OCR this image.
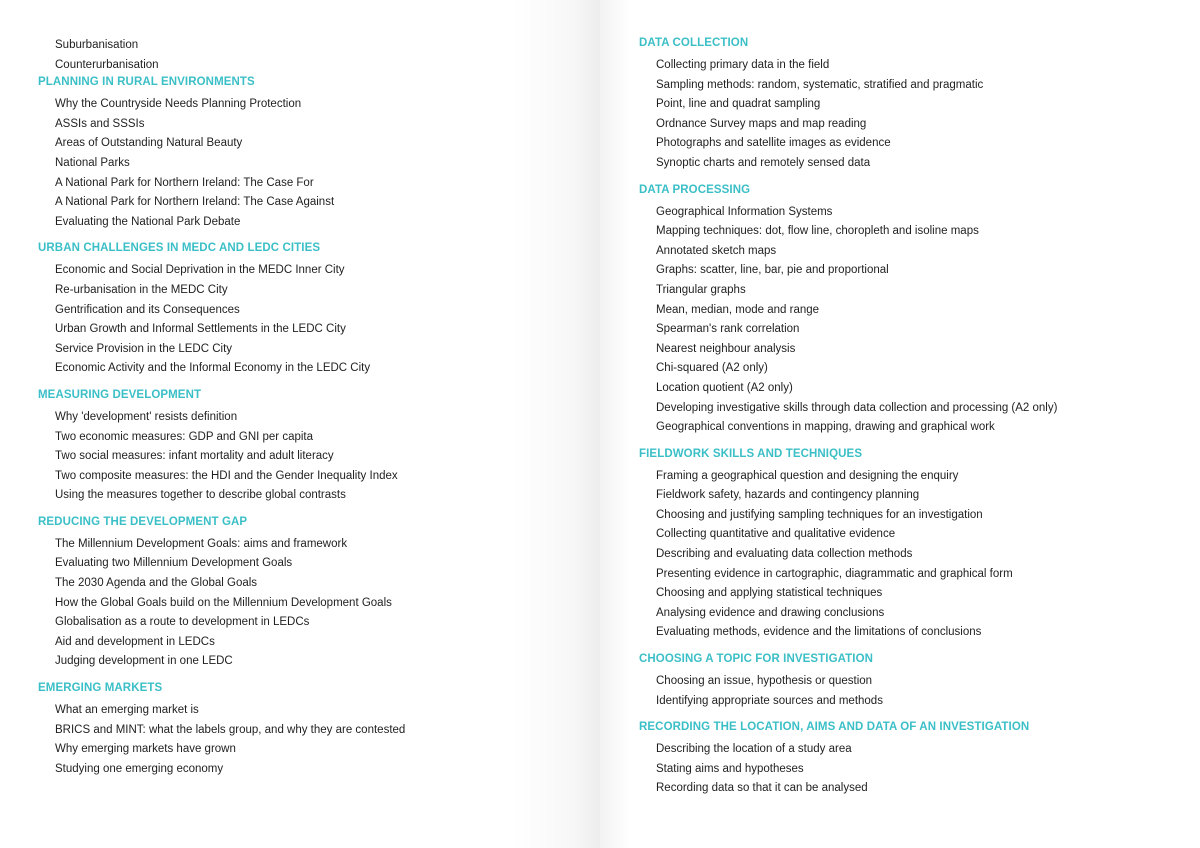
Suburbanisation
Counterurbanisation
PLANNING IN RURAL ENVIRONMENTS
Why the Countryside Needs Planning Protection
ASSIs and SSSIs
Areas of Outstanding Natural Beauty
National Parks
A National Park for Northern Ireland: The Case For
A National Park for Northern Ireland: The Case Against
Evaluating the National Park Debate
URBAN CHALLENGES IN MEDC AND LEDC CITIES
Economic and Social Deprivation in the MEDC Inner City
Re-urbanisation in the MEDC City
Gentrification and its Consequences
Urban Growth and Informal Settlements in the LEDC City
Service Provision in the LEDC City
Economic Activity and the Informal Economy in the LEDC City
MEASURING DEVELOPMENT
Why 'development' resists definition
Two economic measures: GDP and GNI per capita
Two social measures: infant mortality and adult literacy
Two composite measures: the HDI and the Gender Inequality Index
Using the measures together to describe global contrasts
REDUCING THE DEVELOPMENT GAP
The Millennium Development Goals: aims and framework
Evaluating two Millennium Development Goals
The 2030 Agenda and the Global Goals
How the Global Goals build on the Millennium Development Goals
Globalisation as a route to development in LEDCs
Aid and development in LEDCs
Judging development in one LEDC
EMERGING MARKETS
What an emerging market is
BRICS and MINT: what the labels group, and why they are contested
Why emerging markets have grown
Studying one emerging economy
DATA COLLECTION
Collecting primary data in the field
Sampling methods: random, systematic, stratified and pragmatic
Point, line and quadrat sampling
Ordnance Survey maps and map reading
Photographs and satellite images as evidence
Synoptic charts and remotely sensed data
DATA PROCESSING
Geographical Information Systems
Mapping techniques: dot, flow line, choropleth and isoline maps
Annotated sketch maps
Graphs: scatter, line, bar, pie and proportional
Triangular graphs
Mean, median, mode and range
Spearman's rank correlation
Nearest neighbour analysis
Chi-squared (A2 only)
Location quotient (A2 only)
Developing investigative skills through data collection and processing (A2 only)
Geographical conventions in mapping, drawing and graphical work
FIELDWORK SKILLS AND TECHNIQUES
Framing a geographical question and designing the enquiry
Fieldwork safety, hazards and contingency planning
Choosing and justifying sampling techniques for an investigation
Collecting quantitative and qualitative evidence
Describing and evaluating data collection methods
Presenting evidence in cartographic, diagrammatic and graphical form
Choosing and applying statistical techniques
Analysing evidence and drawing conclusions
Evaluating methods, evidence and the limitations of conclusions
CHOOSING A TOPIC FOR INVESTIGATION
Choosing an issue, hypothesis or question
Identifying appropriate sources and methods
RECORDING THE LOCATION, AIMS AND DATA OF AN INVESTIGATION
Describing the location of a study area
Stating aims and hypotheses
Recording data so that it can be analysed
